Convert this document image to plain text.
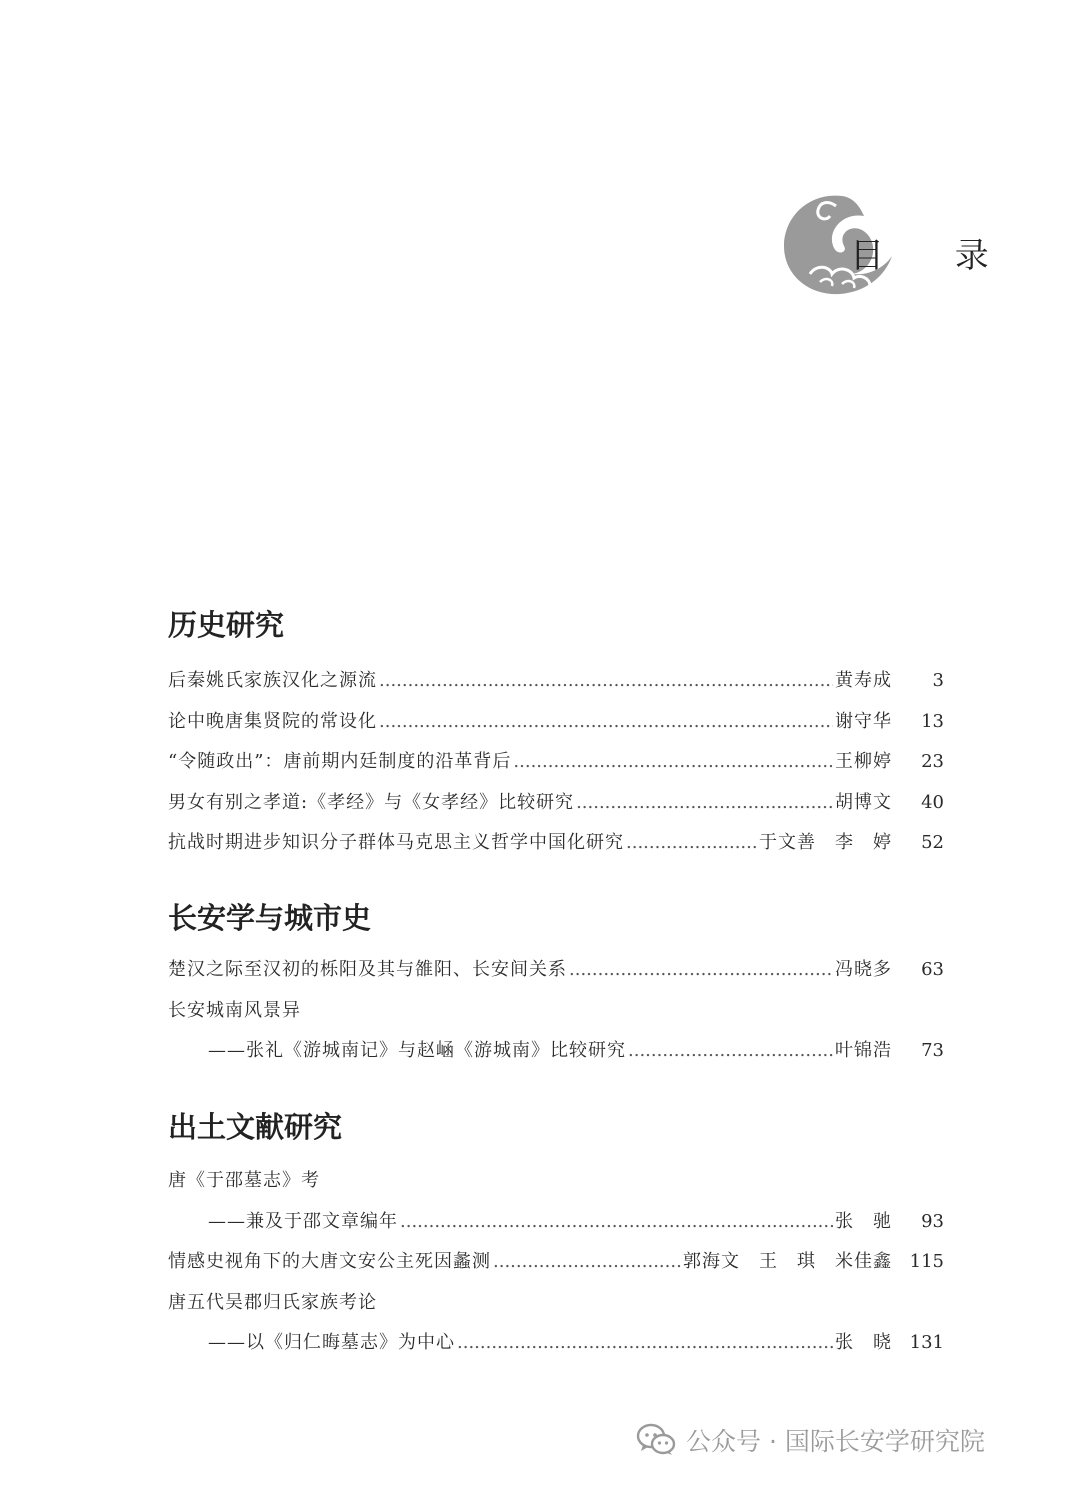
目 录
历史研究
后秦姚氏家族汉化之源流 .....	黄寿成	3
论中晚唐集贤院的常设化 .....	谢守华	13
“令随政出”：唐前期内廷制度的沿革背后 .....	王柳婷	23
男女有别之孝道:《孝经》与《女孝经》比较研究 .....	胡博文	40
抗战时期进步知识分子群体马克思主义哲学中国化研究 .....	于文善　李　婷	52
长安学与城市史
楚汉之际至汉初的栎阳及其与雒阳、长安间关系 .....	冯晓多	63
长安城南风景异
——张礼《游城南记》与赵崡《游城南》比较研究 .....	叶锦浩	73
出土文献研究
唐《于邵墓志》考
——兼及于邵文章编年 .....	张　驰	93
情感史视角下的大唐文安公主死因蠡测 .....	郭海文　王　琪　米佳鑫 115
唐五代吴郡归氏家族考论
——以《归仁晦墓志》为中心 .....	张　晓 131
公众号 · 国际长安学研究院
